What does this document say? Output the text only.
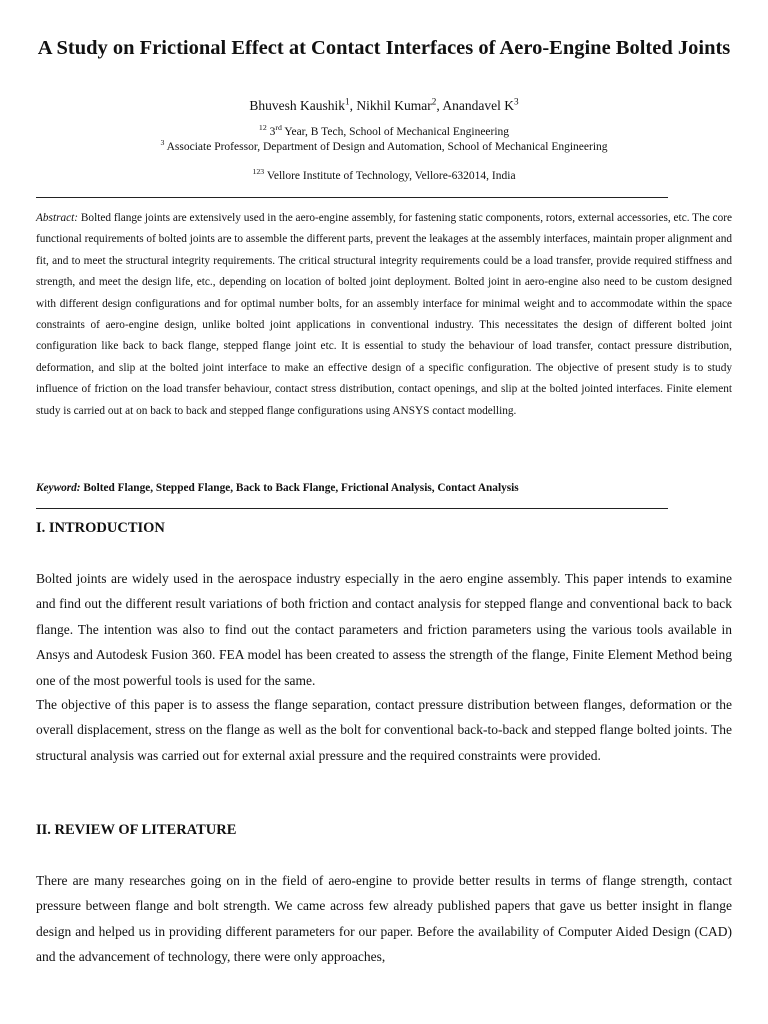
A Study on Frictional Effect at Contact Interfaces of Aero-Engine Bolted Joints
Bhuvesh Kaushik$^1$, Nikhil Kumar$^2$, Anandavel $K^3$
$^{12}$ 3rd Year, B Tech, School of Mechanical Engineering
$^3$ Associate Professor, Department of Design and Automation, School of Mechanical Engineering
$^{123}$ Vellore Institute of Technology, Vellore-632014, India

Abstract: Bolted flange joints are extensively used in the aero-engine assembly, for fastening static components, rotors, external accessories, etc. The core functional requirements of bolted joints are to assemble the different parts, prevent the leakages at the assembly interfaces, maintain proper alignment and fit, and to meet the structural integrity requirements. The critical structural integrity requirements could be a load transfer, provide required stiffness and strength, and meet the design life, etc., depending on location of bolted joint deployment. Bolted joint in aero-engine also need to be custom designed with different design configurations and for optimal number bolts, for an assembly interface for minimal weight and to accommodate within the space constraints of aero-engine design, unlike bolted joint applications in conventional industry. This necessitates the design of different bolted joint configuration like back to back flange, stepped flange joint etc. It is essential to study the behaviour of load transfer, contact pressure distribution, deformation, and slip at the bolted joint interface to make an effective design of a specific configuration. The objective of present study is to study influence of friction on the load transfer behaviour, contact stress distribution, contact openings, and slip at the bolted jointed interfaces. Finite element study is carried out at on back to back and stepped flange configurations using ANSYS contact modelling.

Keyword: Bolted Flange, Stepped Flange, Back to Back Flange, Frictional Analysis, Contact Analysis

I. INTRODUCTION

Bolted joints are widely used in the aerospace industry especially in the aero engine assembly. This paper intends to examine and find out the different result variations of both friction and contact analysis for stepped flange and conventional back to back flange. The intention was also to find out the contact parameters and friction parameters using the various tools available in Ansys and Autodesk Fusion 360. FEA model has been created to assess the strength of the flange, Finite Element Method being one of the most powerful tools is used for the same.

The objective of this paper is to assess the flange separation, contact pressure distribution between flanges, deformation or the overall displacement, stress on the flange as well as the bolt for conventional back-to-back and stepped flange bolted joints. The structural analysis was carried out for external axial pressure and the required constraints were provided.

II. REVIEW OF LITERATURE

There are many researches going on in the field of aero-engine to provide better results in terms of flange strength, contact pressure between flange and bolt strength. We came across few already published papers that gave us better insight in flange design and helped us in providing different parameters for our paper. Before the availability of Computer Aided Design (CAD) and the advancement of technology, there were only approaches,
